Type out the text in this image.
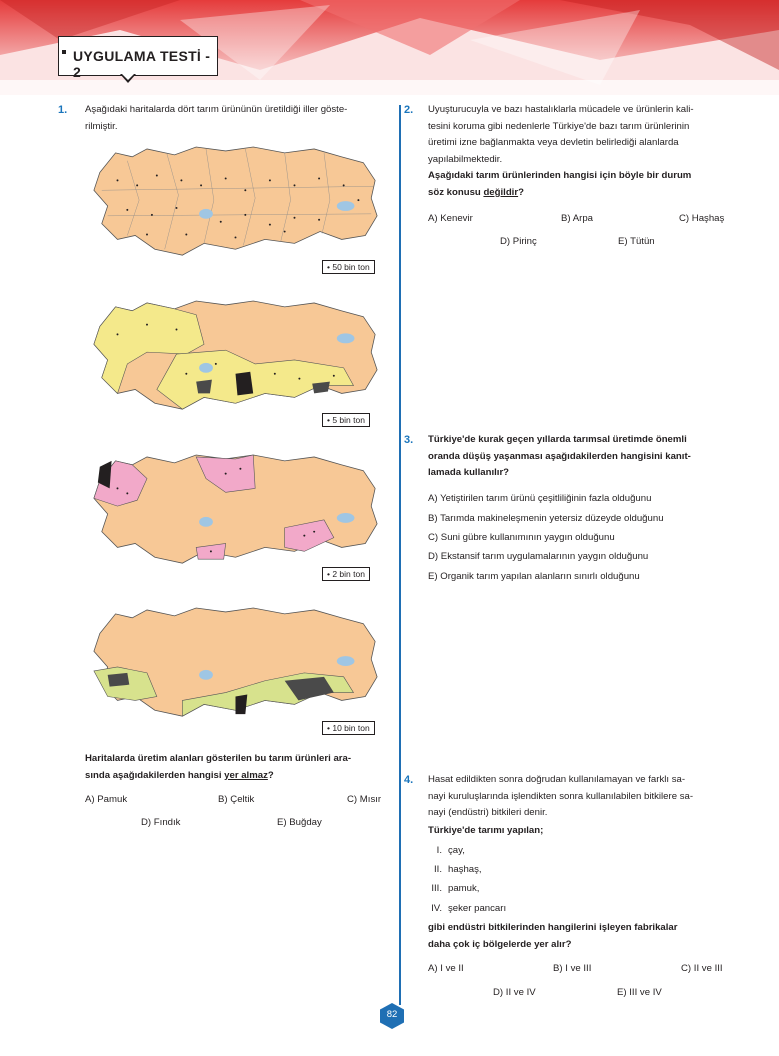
UYGULAMA TESTİ - 2
1. Aşağıdaki haritalarda dört tarım ürününün üretildiği iller göste-
rilmiştir.

• 50 bin ton
• 5 bin ton
• 2 bin ton
• 10 bin ton

Haritalarda üretim alanları gösterilen bu tarım ürünleri ara-
sında aşağıdakilerden hangisi yer almaz?

A) Pamuk	B) Çeltik	C) Mısır
D) Fındık	E) Buğday
2. Uyuşturucuyla ve bazı hastalıklarla mücadele ve ürünlerin kali-
tesini koruma gibi nedenlerle Türkiye'de bazı tarım ürünlerinin
üretimi izne bağlanmakta veya devletin belirlediği alanlarda
yapılabilmektedir.

Aşağıdaki tarım ürünlerinden hangisi için böyle bir durum
söz konusu değildir?

A) Kenevir	B) Arpa	C) Haşhaş
D) Pirinç	E) Tütün
3. Türkiye'de kurak geçen yıllarda tarımsal üretimde önemli
oranda düşüş yaşanması aşağıdakilerden hangisini kanıt-
lamada kullanılır?

A) Yetiştirilen tarım ürünü çeşitliliğinin fazla olduğunu
B) Tarımda makineleşmenin yetersiz düzeyde olduğunu
C) Suni gübre kullanımının yaygın olduğunu
D) Ekstansif tarım uygulamalarının yaygın olduğunu
E) Organik tarım yapılan alanların sınırlı olduğunu
4. Hasat edildikten sonra doğrudan kullanılamayan ve farklı sa-
nayi kuruluşlarında işlendikten sonra kullanılabilen bitkilere sa-
nayi (endüstri) bitkileri denir.

Türkiye'de tarımı yapılan;
I. çay,
II. haşhaş,
III. pamuk,
IV. şeker pancarı

gibi endüstri bitkilerinden hangilerini işleyen fabrikalar
daha çok iç bölgelerde yer alır?

A) I ve II	B) I ve III	C) II ve III
D) II ve IV	E) III ve IV
82
